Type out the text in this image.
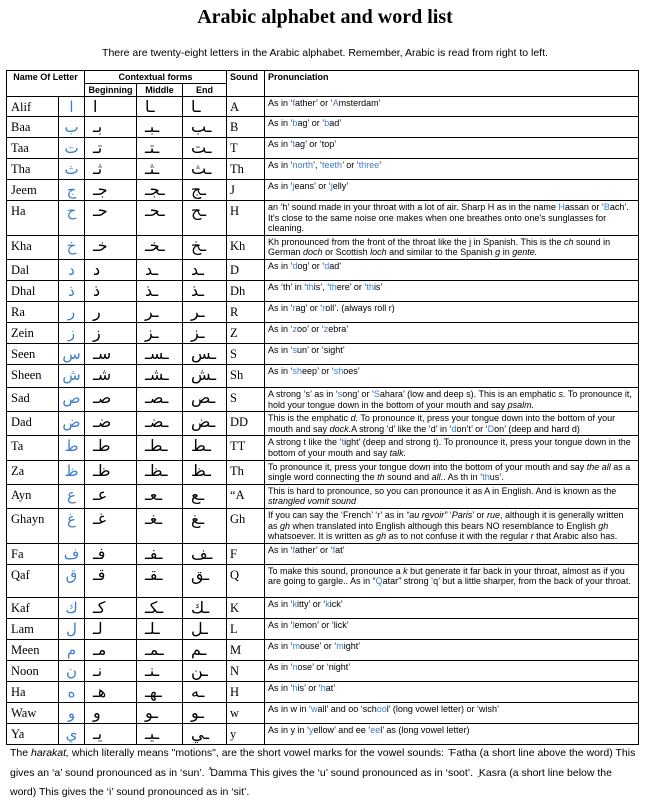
Arabic alphabet and word list
There are twenty-eight letters in the Arabic alphabet. Remember, Arabic is read from right to left.
Name Of Letter		Contextual forms			Sound	Pronunciation
		Beginning	Middle	End		
Alif	ا	ا	ـا	ـا	A	As in ‘father’ or ‘Amsterdam’
Baa	ب	بـ	ـبـ	ـب	B	As in ‘bag’ or ‘bad’
Taa	ت	تـ	ـتـ	ـت	T	As in ‘tag’ or ‘top’
Tha	ث	ثـ	ـثـ	ـث	Th	As in ‘north’, ‘teeth’ or ‘three’
Jeem	ج	جـ	ـجـ	ـج	J	As in ‘jeans’ or ‘jelly’
Ha	ح	حـ	ـحـ	ـح	H	an ‘h’ sound made in your throat with a lot of air. Sharp H as in the name Hassan or ‘Bach’. It's close to the same noise one makes when one breathes onto one's sunglasses for cleaning.
Kha	خ	خـ	ـخـ	ـخ	Kh	Kh pronounced from the front of the throat like the j in Spanish. This is the ch sound in German doch or Scottish loch and similar to the Spanish g in gente.
Dal	د	د	ـد	ـد	D	As in ‘dog’ or ‘dad’
Dhal	ذ	ذ	ـذ	ـذ	Dh	As ‘th’ in ‘this’, ‘there’ or ‘this’
Ra	ر	ر	ـر	ـر	R	As in ‘rag’ or ‘roll’. (always roll r)
Zein	ز	ز	ـز	ـز	Z	As in ‘zoo’ or ‘zebra’
Seen	س	سـ	ـسـ	ـس	S	As in ‘sun’ or ‘sight’
Sheen	ش	شـ	ـشـ	ـش	Sh	As in ‘sheep’ or ‘shoes’
Sad	ص	صـ	ـصـ	ـص	S	A strong ‘s’ as in ‘song’ or ‘Sahara’ (low and deep s). This is an emphatic s. To pronounce it, hold your tongue down in the bottom of your mouth and say psalm.
Dad	ض	ضـ	ـضـ	ـض	DD	This is the emphatic d. To pronounce it, press your tongue down into the bottom of your mouth and say dock.A strong ‘d’ like the ‘d’ in ‘don’t’ or ‘Don’ (deep and hard d)
Ta	ط	طـ	ـطـ	ـط	TT	A strong t like the ‘tight’ (deep and strong t). To pronounce it, press your tongue down in the bottom of your mouth and say talk.
Za	ظ	ظـ	ـظـ	ـظ	Th	To pronounce it, press your tongue down into the bottom of your mouth and say the all as a single word connecting the th sound and all.. As th in ‘thus’.
Ayn	ع	عـ	ـعـ	ـع	“A	This is hard to pronounce, so you can pronounce it as A in English. And is known as the strangled vomit sound
Ghayn	غ	غـ	ـغـ	ـغ	Gh	If you can say the ‘French’ ‘r’ as in “au revoir” ‘Paris’ or rue, although it is generally written as gh when translated into English although this bears NO resemblance to English gh whatsoever. It is written as gh as to not confuse it with the regular r that Arabic also has.
Fa	ف	فـ	ـفـ	ـف	F	As in ‘father’ or ‘fat’
Qaf	ق	قـ	ـقـ	ـق	Q	To make this sound, pronounce a k but generate it far back in your throat, almost as if you are going to gargle.. As in “Qatar” strong ‘q’ but a little sharper, from the back of your throat.
Kaf	ك	كـ	ـكـ	ـك	K	As in ‘kitty’ or ‘kick’
Lam	ل	لـ	ـلـ	ـل	L	As in ‘lemon’ or ‘lick’
Meen	م	مـ	ـمـ	ـم	M	As in ‘mouse’ or ‘might’
Noon	ن	نـ	ـنـ	ـن	N	As in ‘nose’ or ‘night’
Ha	ه	هـ	ـهـ	ـه	H	As in ‘his’ or ‘hat’
Waw	و	و	ـو	ـو	w	As in w in ‘wall’ and oo ‘school’ (long vowel letter) or ‘wish’
Ya	ي	يـ	ـيـ	ـي	y	As in y in ‘yellow’ and ee ‘eel’ as (long vowel letter)
The harakat, which literally means "motions", are the short vowel marks for the vowel sounds: Fatha (a short line above the word) This gives an ‘a’ sound pronounced as in ‘sun’. Damma This gives the ‘u’ sound pronounced as in ‘soot’. Kasra (a short line below the word) This gives the ‘i’ sound pronounced as in ‘sit’.
